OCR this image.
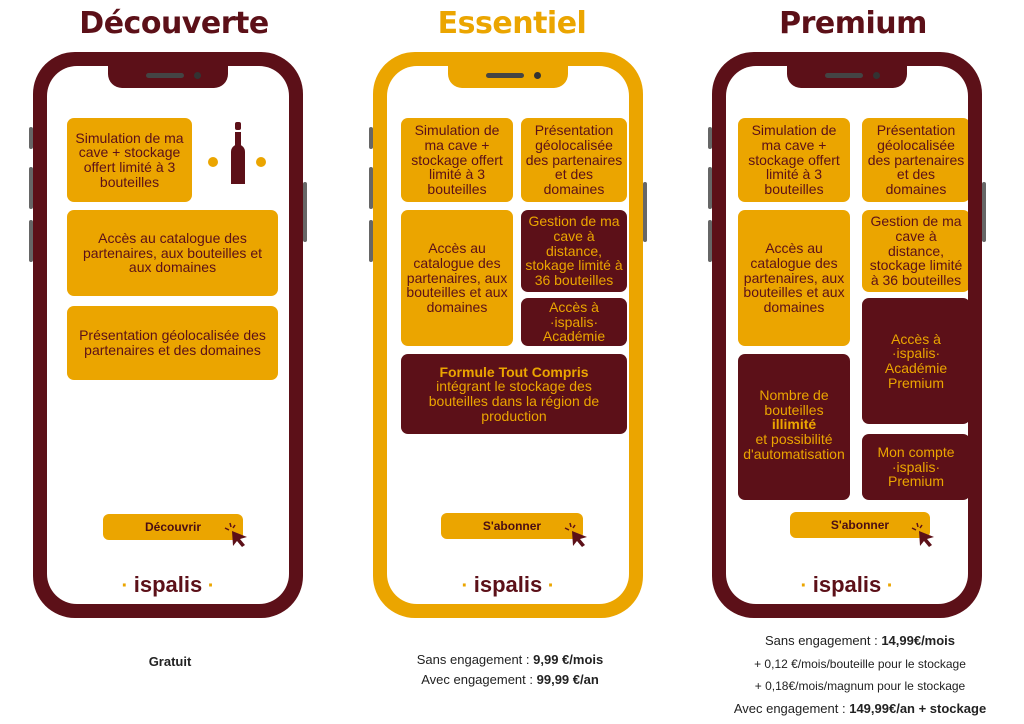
Découverte	Essentiel	Premium
Simulation de ma cave + stockage offert limité à 3 bouteilles
Accès au catalogue des partenaires, aux bouteilles et aux domaines
Présentation géolocalisée des partenaires et des domaines
Découvrir
· ispalis ·
Simulation de ma cave + stockage offert limité à 3 bouteilles
Présentation géolocalisée des partenaires et des domaines
Accès au catalogue des partenaires, aux bouteilles et aux domaines
Gestion de ma cave à distance, stokage limité à 36 bouteilles
Accès à ·ispalis· Académie
Formule Tout Compris
intégrant le stockage des bouteilles dans la région de production
S'abonner
· ispalis ·
Simulation de ma cave + stockage offert limité à 3 bouteilles
Présentation géolocalisée des partenaires et des domaines
Accès au catalogue des partenaires, aux bouteilles et aux domaines
Gestion de ma cave à distance, stockage limité à 36 bouteilles
Accès à ·ispalis· Académie Premium
Nombre de bouteilles
illimité
et possibilité d'automatisation	Mon compte ·ispalis· Premium
S'abonner
· ispalis ·
Gratuit	Sans engagement : 9,99 €/mois
Avec engagement : 99,99 €/an
Sans engagement : 14,99€/mois
+ 0,12 €/mois/bouteille pour le stockage
+ 0,18€/mois/magnum pour le stockage
Avec engagement : 149,99€/an + stockage
